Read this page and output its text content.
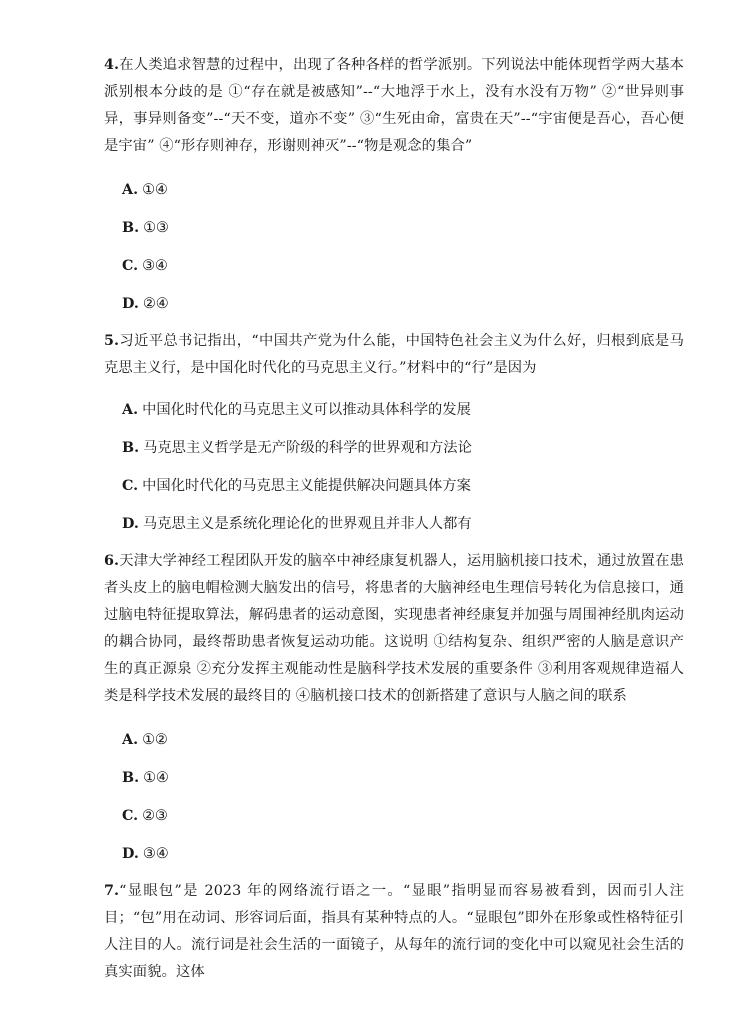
4.在人类追求智慧的过程中，出现了各种各样的哲学派别。下列说法中能体现哲学两大基本派别根本分歧的是 ①“存在就是被感知”--“大地浮于水上，没有水没有万物” ②“世异则事异，事异则备变”--“天不变，道亦不变” ③“生死由命，富贵在天”--“宇宙便是吾心，吾心便是宇宙” ④“形存则神存，形谢则神灭”--“物是观念的集合”

A. ①④
B. ①③
C. ③④
D. ②④

5.习近平总书记指出，“中国共产党为什么能，中国特色社会主义为什么好，归根到底是马克思主义行，是中国化时代化的马克思主义行。”材料中的“行”是因为

A. 中国化时代化的马克思主义可以推动具体科学的发展
B. 马克思主义哲学是无产阶级的科学的世界观和方法论
C. 中国化时代化的马克思主义能提供解决问题具体方案
D. 马克思主义是系统化理论化的世界观且并非人人都有

6.天津大学神经工程团队开发的脑卒中神经康复机器人，运用脑机接口技术，通过放置在患者头皮上的脑电帽检测大脑发出的信号，将患者的大脑神经电生理信号转化为信息接口，通过脑电特征提取算法，解码患者的运动意图，实现患者神经康复并加强与周围神经肌肉运动的耦合协同，最终帮助患者恢复运动功能。这说明 ①结构复杂、组织严密的人脑是意识产生的真正源泉 ②充分发挥主观能动性是脑科学技术发展的重要条件 ③利用客观规律造福人类是科学技术发展的最终目的 ④脑机接口技术的创新搭建了意识与人脑之间的联系

A. ①②
B. ①④
C. ②③
D. ③④

7.“显眼包”是 2023 年的网络流行语之一。“显眼”指明显而容易被看到，因而引人注目；“包”用在动词、形容词后面，指具有某种特点的人。“显眼包”即外在形象或性格特征引人注目的人。流行词是社会生活的一面镜子，从每年的流行词的变化中可以窥见社会生活的真实面貌。这体
